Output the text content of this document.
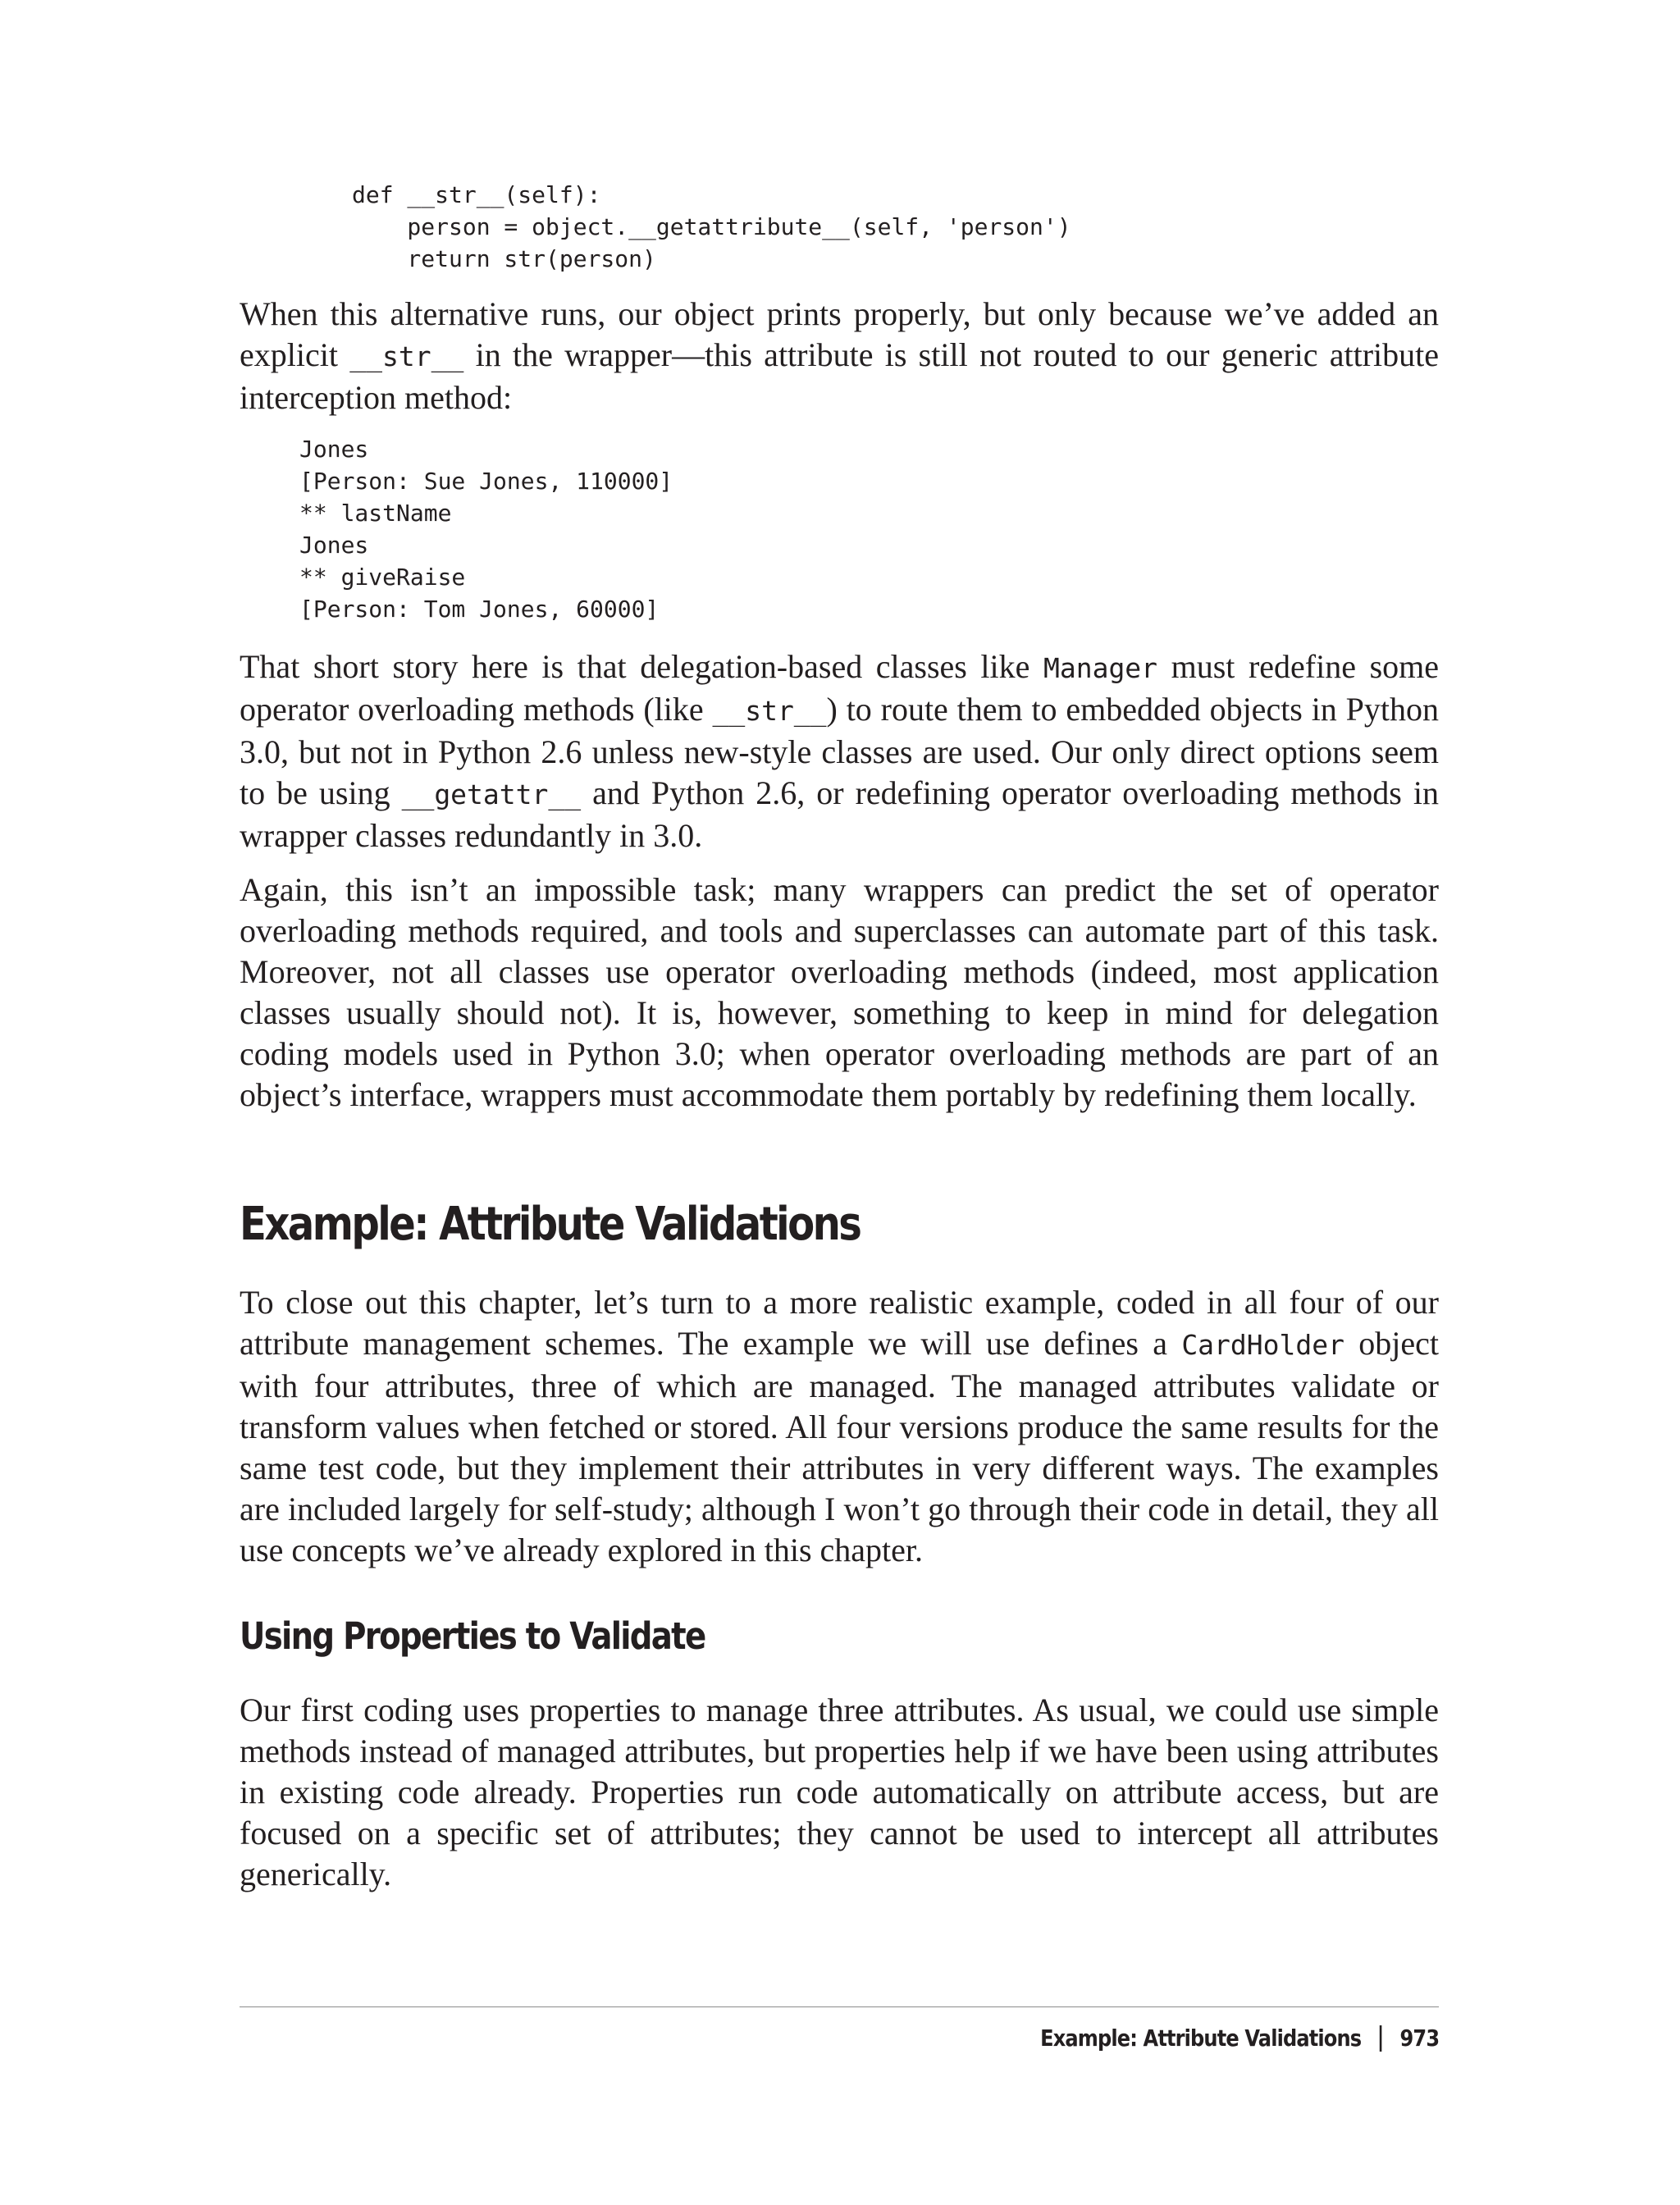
def __str__(self):
person = object.__getattribute__(self, 'person')
return str(person)

When this alternative runs, our object prints properly, but only because we’ve added an explicit __str__ in the wrapper—this attribute is still not routed to our generic attribute interception method:

Jones
[Person: Sue Jones, 110000]
** lastName
Jones
** giveRaise
[Person: Tom Jones, 60000]

That short story here is that delegation-based classes like Manager must redefine some operator overloading methods (like __str__) to route them to embedded objects in Python 3.0, but not in Python 2.6 unless new-style classes are used. Our only direct options seem to be using __getattr__ and Python 2.6, or redefining operator overloading methods in wrapper classes redundantly in 3.0.

Again, this isn’t an impossible task; many wrappers can predict the set of operator overloading methods required, and tools and superclasses can automate part of this task. Moreover, not all classes use operator overloading methods (indeed, most application classes usually should not). It is, however, something to keep in mind for delegation coding models used in Python 3.0; when operator overloading methods are part of an object’s interface, wrappers must accommodate them portably by redefining them locally.

Example: Attribute Validations

To close out this chapter, let’s turn to a more realistic example, coded in all four of our attribute management schemes. The example we will use defines a CardHolder object with four attributes, three of which are managed. The managed attributes validate or transform values when fetched or stored. All four versions produce the same results for the same test code, but they implement their attributes in very different ways. The examples are included largely for self-study; although I won’t go through their code in detail, they all use concepts we’ve already explored in this chapter.

Using Properties to Validate

Our first coding uses properties to manage three attributes. As usual, we could use simple methods instead of managed attributes, but properties help if we have been using attributes in existing code already. Properties run code automatically on attribute access, but are focused on a specific set of attributes; they cannot be used to intercept all attributes generically.

Example: Attribute Validations 973
